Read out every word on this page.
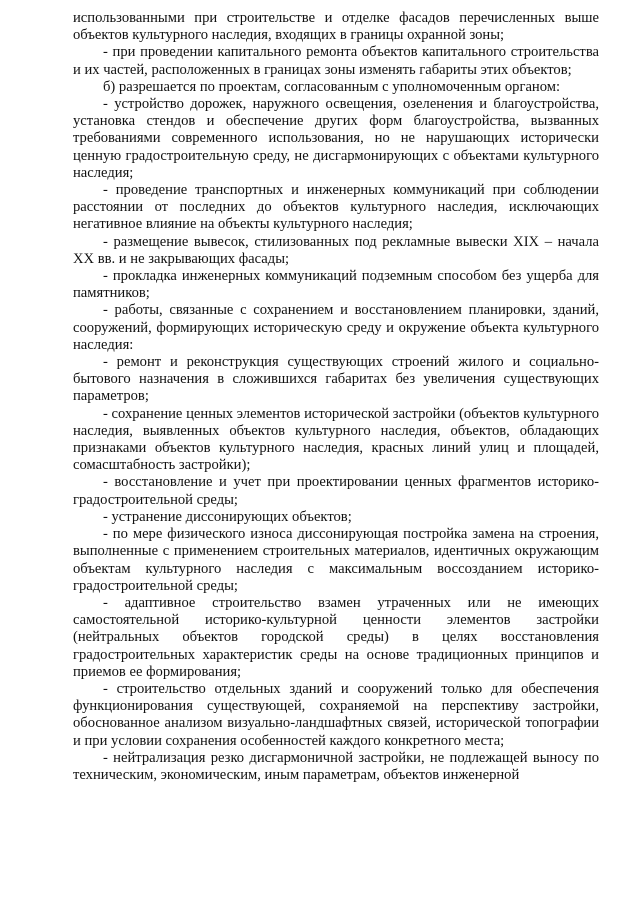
использованными при строительстве и отделке фасадов перечисленных выше объектов культурного наследия, входящих в границы охранной зоны;

- при проведении капитального ремонта объектов капитального строительства и их частей, расположенных в границах зоны изменять габариты этих объектов;

б) разрешается по проектам, согласованным с уполномоченным органом:

- устройство дорожек, наружного освещения, озеленения и благоустройства, установка стендов и обеспечение других форм благоустройства, вызванных требованиями современного использования, но не нарушающих исторически ценную градостроительную среду, не дисгармонирующих с объектами культурного наследия;

- проведение транспортных и инженерных коммуникаций при соблюдении расстоянии от последних до объектов культурного наследия, исключающих негативное влияние на объекты культурного наследия;

- размещение вывесок, стилизованных под рекламные вывески XIX – начала XX вв. и не закрывающих фасады;

- прокладка инженерных коммуникаций подземным способом без ущерба для памятников;

- работы, связанные с сохранением и восстановлением планировки, зданий, сооружений, формирующих историческую среду и окружение объекта культурного наследия:

- ремонт и реконструкция существующих строений жилого и социально-бытового назначения в сложившихся габаритах без увеличения существующих параметров;

- сохранение ценных элементов исторической застройки (объектов культурного наследия, выявленных объектов культурного наследия, объектов, обладающих признаками объектов культурного наследия, красных линий улиц и площадей, сомасштабность застройки);

- восстановление и учет при проектировании ценных фрагментов историко-градостроительной среды;

- устранение диссонирующих объектов;

- по мере физического износа диссонирующая постройка замена на строения, выполненные с применением строительных материалов, идентичных окружающим объектам культурного наследия с максимальным воссозданием историко-градостроительной среды;

- адаптивное строительство взамен утраченных или не имеющих самостоятельной историко-культурной ценности элементов застройки (нейтральных объектов городской среды) в целях восстановления градостроительных характеристик среды на основе традиционных принципов и приемов ее формирования;

- строительство отдельных зданий и сооружений только для обеспечения функционирования существующей, сохраняемой на перспективу застройки, обоснованное анализом визуально-ландшафтных связей, исторической топографии и при условии сохранения особенностей каждого конкретного места;

- нейтрализация резко дисгармоничной застройки, не подлежащей выносу по техническим, экономическим, иным параметрам, объектов инженерной
